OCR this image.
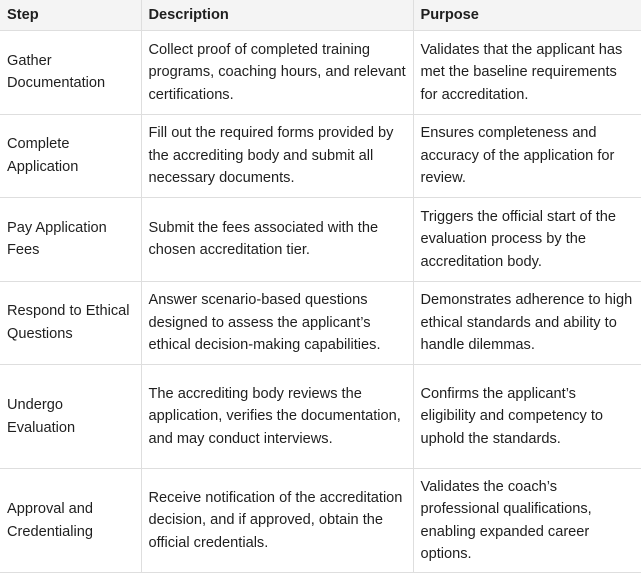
Step	Description	Purpose
Gather Documentation	Collect proof of completed training programs, coaching hours, and relevant certifications.	Validates that the applicant has met the baseline requirements for accreditation.
Complete Application	Fill out the required forms provided by the accrediting body and submit all necessary documents.	Ensures completeness and accuracy of the application for review.
Pay Application Fees	Submit the fees associated with the chosen accreditation tier.	Triggers the official start of the evaluation process by the accreditation body.
Respond to Ethical Questions	Answer scenario-based questions designed to assess the applicant’s ethical decision-making capabilities.	Demonstrates adherence to high ethical standards and ability to handle dilemmas.
Undergo Evaluation	The accrediting body reviews the application, verifies the documentation, and may conduct interviews.	Confirms the applicant’s eligibility and competency to uphold the standards.
Approval and Credentialing	Receive notification of the accreditation decision, and if approved, obtain the official credentials.	Validates the coach’s professional qualifications, enabling expanded career options.
